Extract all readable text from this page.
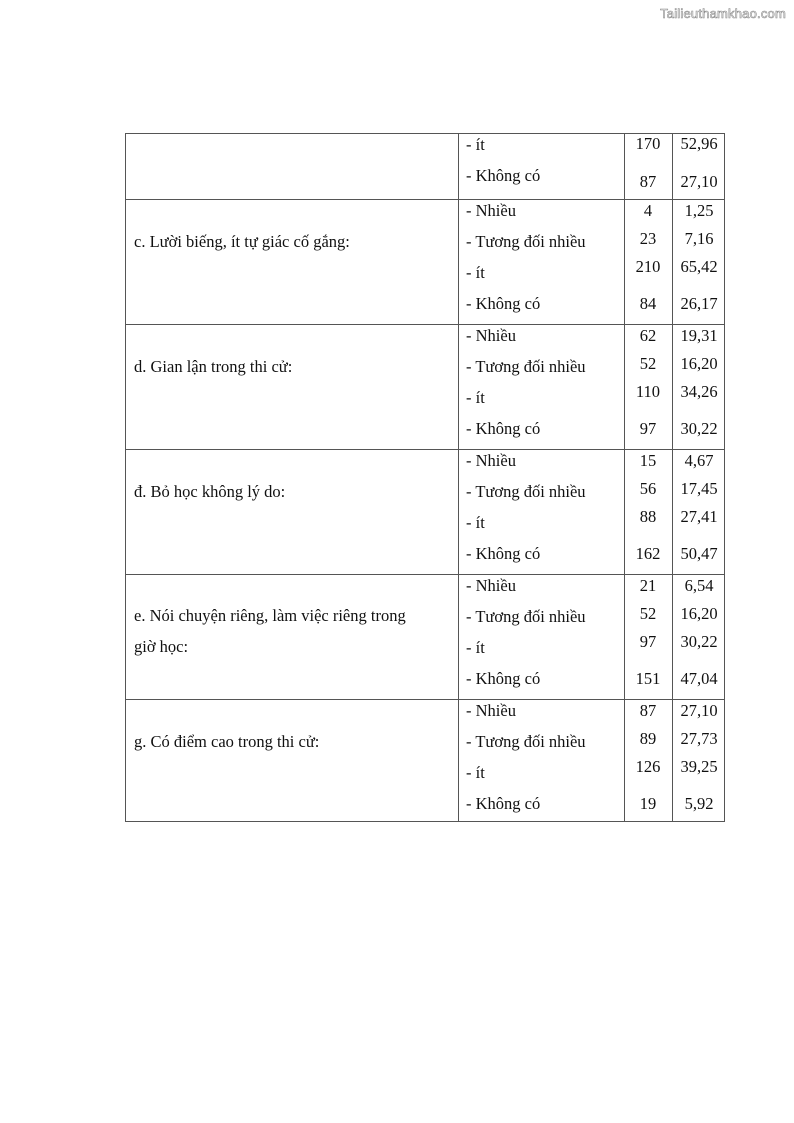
Tailieuthamkhao.com
- ít	170	52,96
- Không có	87	27,10
c. Lười biếng, ít tự giác cố gắng:
- Nhiều	4	1,25
- Tương đối nhiều	23	7,16
- ít	210	65,42
- Không có	84	26,17
d. Gian lận trong thi cử:
- Nhiều	62	19,31
- Tương đối nhiều	52	16,20
- ít	110	34,26
- Không có	97	30,22
đ. Bỏ học không lý do:
- Nhiều	15	4,67
- Tương đối nhiều	56	17,45
- ít	88	27,41
- Không có	162	50,47
e. Nói chuyện riêng, làm việc riêng trong
giờ học:
- Nhiều	21	6,54
- Tương đối nhiều	52	16,20
- ít	97	30,22
- Không có	151	47,04
g. Có điểm cao trong thi cử:
- Nhiều	87	27,10
- Tương đối nhiều	89	27,73
- ít	126	39,25
- Không có	19	5,92
